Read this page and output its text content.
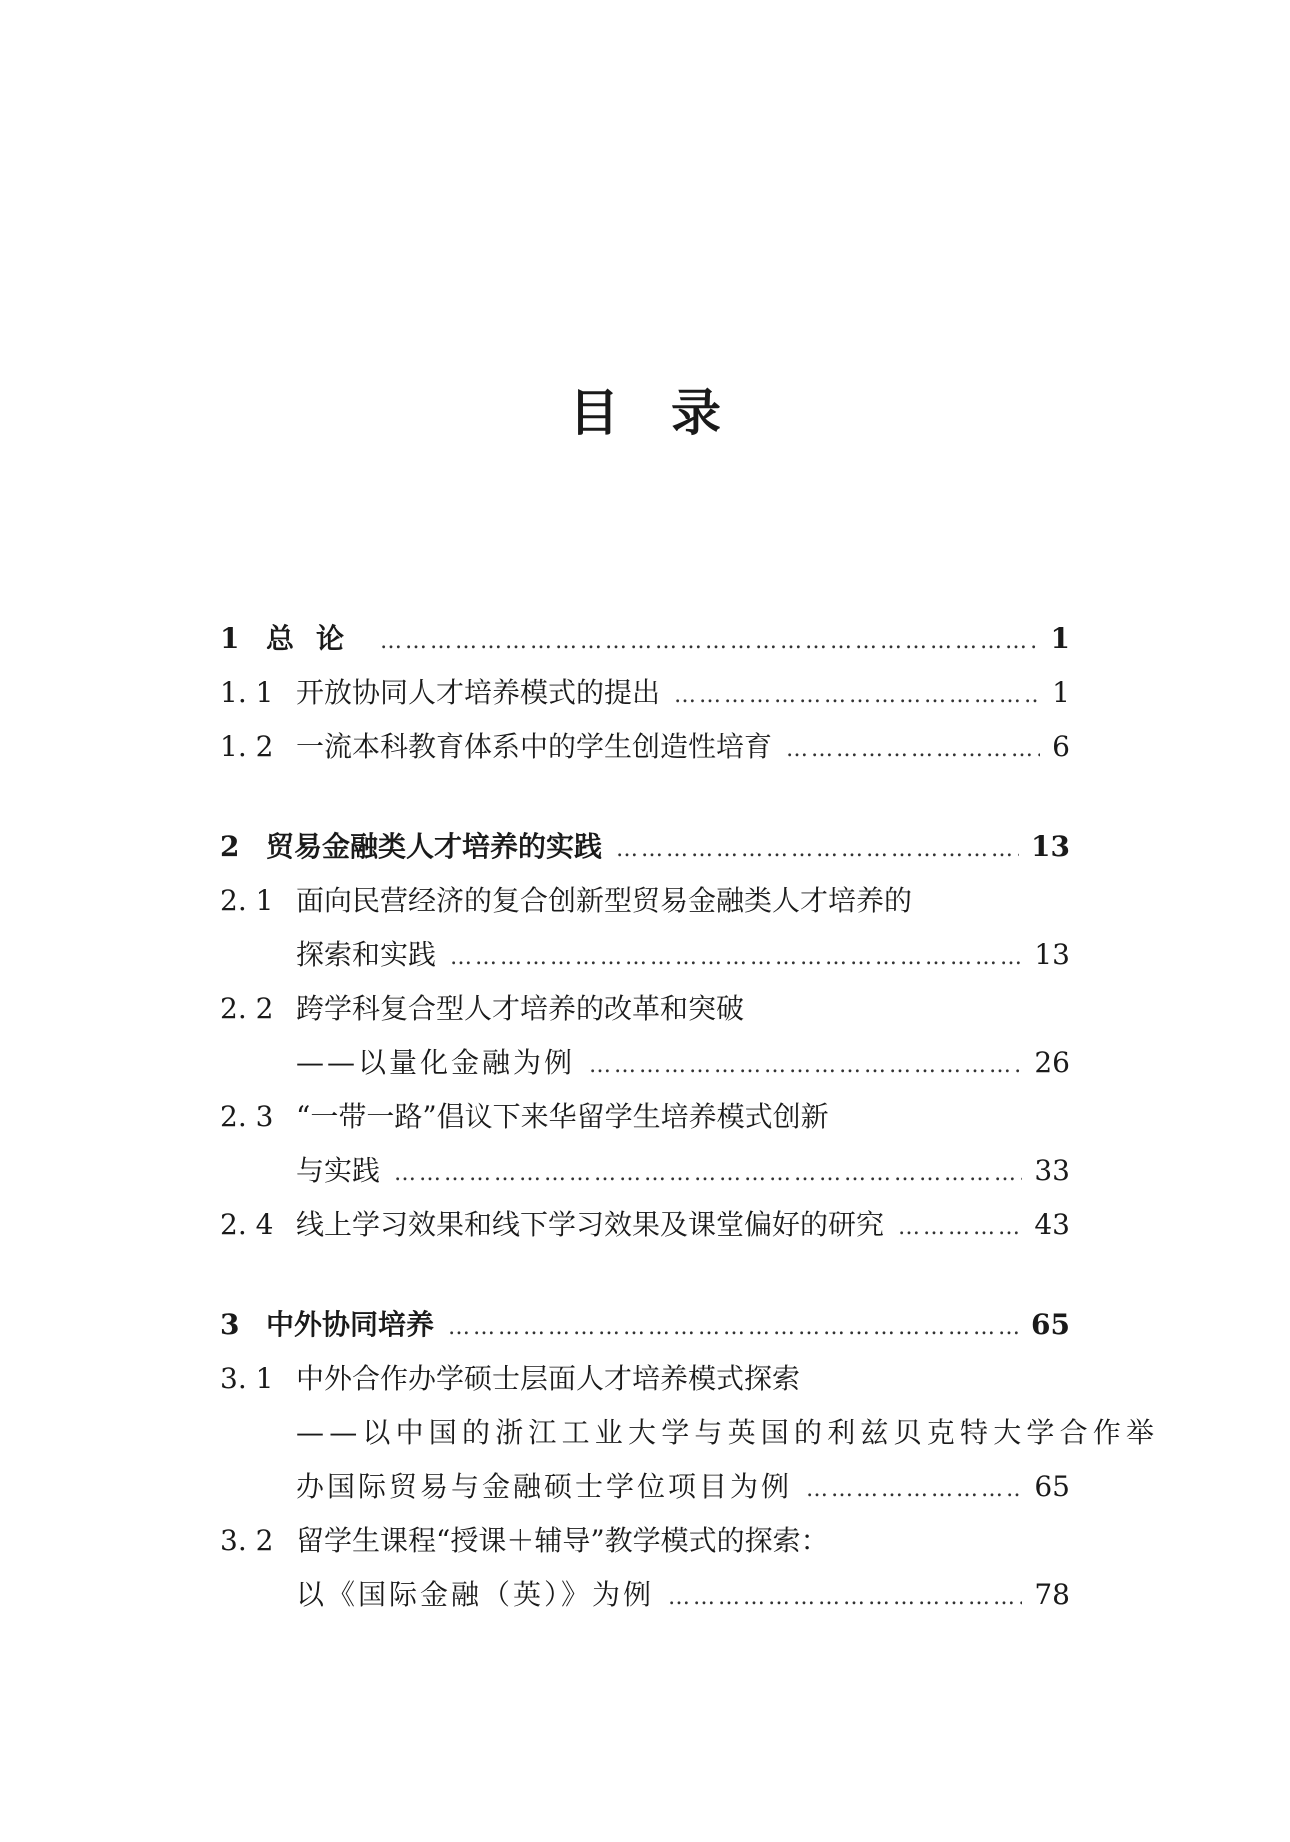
目录
1 总论 …………………………………………………………………………………………………………………………………	1
1. 1 开放协同人才培养模式的提出 …………………………………………………………………………………………………………………………………	1
1. 2 一流本科教育体系中的学生创造性培育 …………………………………………………………………………………………………………………………………	6
2 贸易金融类人才培养的实践 …………………………………………………………………………………………………………………………………	13
2. 1 面向民营经济的复合创新型贸易金融类人才培养的
探索和实践 …………………………………………………………………………………………………………………………………	13
2. 2 跨学科复合型人才培养的改革和突破
——以量化金融为例 …………………………………………………………………………………………………………………………………	26
2. 3 “一带一路”倡议下来华留学生培养模式创新
与实践 …………………………………………………………………………………………………………………………………	33
2. 4 线上学习效果和线下学习效果及课堂偏好的研究 …………………………………………………………………………………………………………………………………	43
3 中外协同培养 …………………………………………………………………………………………………………………………………	65
3. 1 中外合作办学硕士层面人才培养模式探索
——以中国的浙江工业大学与英国的利兹贝克特大学合作举
办国际贸易与金融硕士学位项目为例 …………………………………………………………………………………………………………………………………	65
3. 2 留学生课程“授课＋辅导”教学模式的探索：
以《国际金融（英）》为例 …………………………………………………………………………………………………………………………………	78
